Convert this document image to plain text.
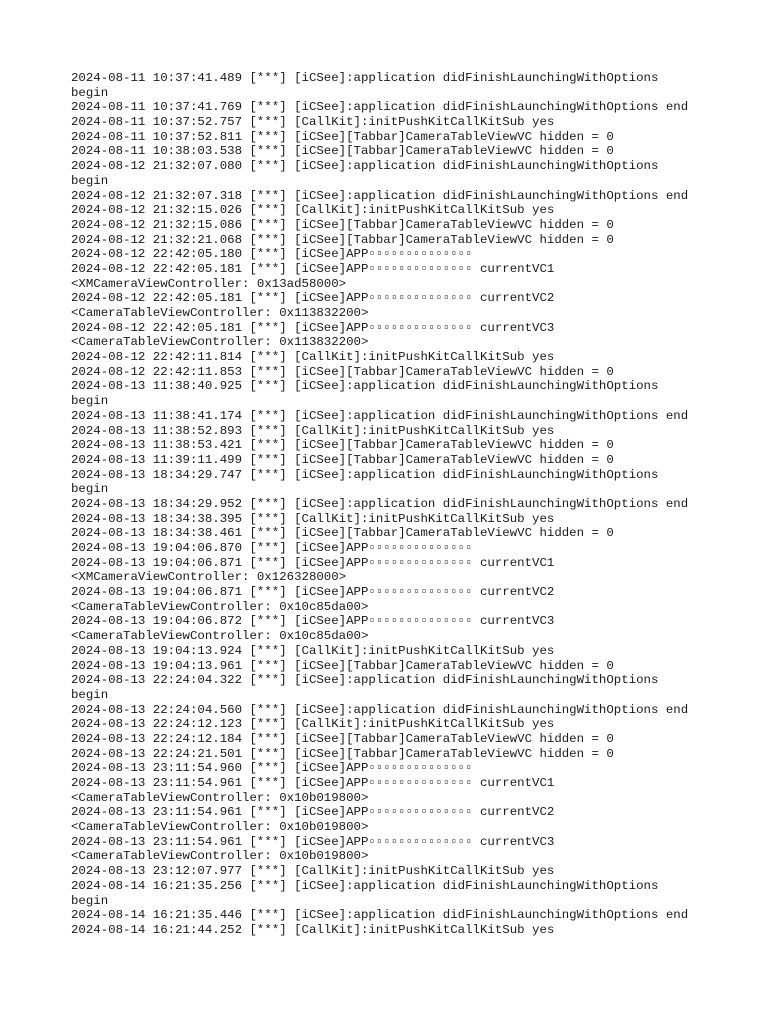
2024-08-11 10:37:41.489 [***] [iCSee]:application didFinishLaunchingWithOptions
begin
2024-08-11 10:37:41.769 [***] [iCSee]:application didFinishLaunchingWithOptions end
2024-08-11 10:37:52.757 [***] [CallKit]:initPushKitCallKitSub yes
2024-08-11 10:37:52.811 [***] [iCSee][Tabbar]CameraTableViewVC hidden = 0
2024-08-11 10:38:03.538 [***] [iCSee][Tabbar]CameraTableViewVC hidden = 0
2024-08-12 21:32:07.080 [***] [iCSee]:application didFinishLaunchingWithOptions
begin
2024-08-12 21:32:07.318 [***] [iCSee]:application didFinishLaunchingWithOptions end
2024-08-12 21:32:15.026 [***] [CallKit]:initPushKitCallKitSub yes
2024-08-12 21:32:15.086 [***] [iCSee][Tabbar]CameraTableViewVC hidden = 0
2024-08-12 21:32:21.068 [***] [iCSee][Tabbar]CameraTableViewVC hidden = 0
2024-08-12 22:42:05.180 [***] [iCSee]APP▫▫▫▫▫▫▫▫▫▫▫▫▫▫
2024-08-12 22:42:05.181 [***] [iCSee]APP▫▫▫▫▫▫▫▫▫▫▫▫▫▫ currentVC1
<XMCameraViewController: 0x13ad58000>
2024-08-12 22:42:05.181 [***] [iCSee]APP▫▫▫▫▫▫▫▫▫▫▫▫▫▫ currentVC2
<CameraTableViewController: 0x113832200>
2024-08-12 22:42:05.181 [***] [iCSee]APP▫▫▫▫▫▫▫▫▫▫▫▫▫▫ currentVC3
<CameraTableViewController: 0x113832200>
2024-08-12 22:42:11.814 [***] [CallKit]:initPushKitCallKitSub yes
2024-08-12 22:42:11.853 [***] [iCSee][Tabbar]CameraTableViewVC hidden = 0
2024-08-13 11:38:40.925 [***] [iCSee]:application didFinishLaunchingWithOptions
begin
2024-08-13 11:38:41.174 [***] [iCSee]:application didFinishLaunchingWithOptions end
2024-08-13 11:38:52.893 [***] [CallKit]:initPushKitCallKitSub yes
2024-08-13 11:38:53.421 [***] [iCSee][Tabbar]CameraTableViewVC hidden = 0
2024-08-13 11:39:11.499 [***] [iCSee][Tabbar]CameraTableViewVC hidden = 0
2024-08-13 18:34:29.747 [***] [iCSee]:application didFinishLaunchingWithOptions
begin
2024-08-13 18:34:29.952 [***] [iCSee]:application didFinishLaunchingWithOptions end
2024-08-13 18:34:38.395 [***] [CallKit]:initPushKitCallKitSub yes
2024-08-13 18:34:38.461 [***] [iCSee][Tabbar]CameraTableViewVC hidden = 0
2024-08-13 19:04:06.870 [***] [iCSee]APP▫▫▫▫▫▫▫▫▫▫▫▫▫▫
2024-08-13 19:04:06.871 [***] [iCSee]APP▫▫▫▫▫▫▫▫▫▫▫▫▫▫ currentVC1
<XMCameraViewController: 0x126328000>
2024-08-13 19:04:06.871 [***] [iCSee]APP▫▫▫▫▫▫▫▫▫▫▫▫▫▫ currentVC2
<CameraTableViewController: 0x10c85da00>
2024-08-13 19:04:06.872 [***] [iCSee]APP▫▫▫▫▫▫▫▫▫▫▫▫▫▫ currentVC3
<CameraTableViewController: 0x10c85da00>
2024-08-13 19:04:13.924 [***] [CallKit]:initPushKitCallKitSub yes
2024-08-13 19:04:13.961 [***] [iCSee][Tabbar]CameraTableViewVC hidden = 0
2024-08-13 22:24:04.322 [***] [iCSee]:application didFinishLaunchingWithOptions
begin
2024-08-13 22:24:04.560 [***] [iCSee]:application didFinishLaunchingWithOptions end
2024-08-13 22:24:12.123 [***] [CallKit]:initPushKitCallKitSub yes
2024-08-13 22:24:12.184 [***] [iCSee][Tabbar]CameraTableViewVC hidden = 0
2024-08-13 22:24:21.501 [***] [iCSee][Tabbar]CameraTableViewVC hidden = 0
2024-08-13 23:11:54.960 [***] [iCSee]APP▫▫▫▫▫▫▫▫▫▫▫▫▫▫
2024-08-13 23:11:54.961 [***] [iCSee]APP▫▫▫▫▫▫▫▫▫▫▫▫▫▫ currentVC1
<CameraTableViewController: 0x10b019800>
2024-08-13 23:11:54.961 [***] [iCSee]APP▫▫▫▫▫▫▫▫▫▫▫▫▫▫ currentVC2
<CameraTableViewController: 0x10b019800>
2024-08-13 23:11:54.961 [***] [iCSee]APP▫▫▫▫▫▫▫▫▫▫▫▫▫▫ currentVC3
<CameraTableViewController: 0x10b019800>
2024-08-13 23:12:07.977 [***] [CallKit]:initPushKitCallKitSub yes
2024-08-14 16:21:35.256 [***] [iCSee]:application didFinishLaunchingWithOptions
begin
2024-08-14 16:21:35.446 [***] [iCSee]:application didFinishLaunchingWithOptions end
2024-08-14 16:21:44.252 [***] [CallKit]:initPushKitCallKitSub yes
